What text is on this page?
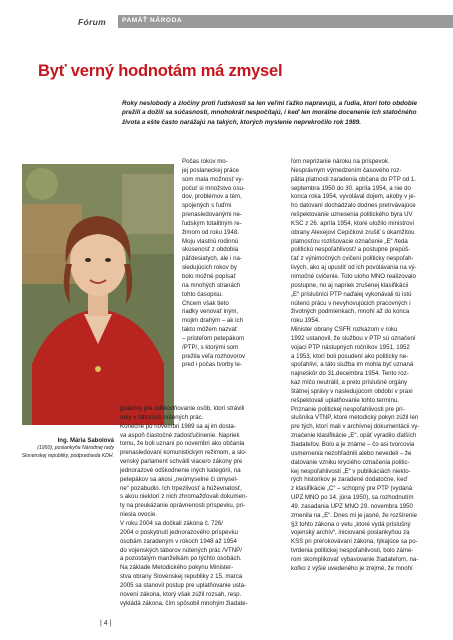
Fórum PAMÄŤ NÁRODA
Byť verný hodnotám má zmysel

Roky neslobody a zločiny proti ľudskosti sa len veľmi ťažko napravujú, a ľudia, ktorí toto obdobie prežili a dožili sa súčasnosti, mnohokrát nespočítajú, i keď len morálne docenenie ich statočného života a ešte často narážajú na takých, ktorých myslenie neprekročilo rok 1989.

Ing. Mária Sabolová
(1950), poslankyňa Národnej rady Slovenskej republiky, podpredseda KDH.
Počas rokov mo-
jej poslaneckej práce
som mala možnosť vy-
počuť si množstvo osu-
dov, problémov a tém,
spojených s ľuďmi
prenasledovanými ne-
ľudským totalitným re-
žimom od roku 1948.
Moju vlastnú rodinnú
skúsenosť z obdobia
päťdesiatych, ale i na-
sledujúcich rokov by
bolo možné popísať
na mnohých stranách
tohto časopisu.
Chcem však tieto
riadky venovať iným,
mojim drahým – ak ich
takto môžem nazvať
– pristeľom petepákom
/PTP/, s ktorými som
prežila veľa rozhovorov
pred i počas tvorby le-
gislatívy pre odškodňovanie osôb, ktorí strávili
roky v táboroch nútených prác.
Konečne po novembri 1989 sa aj im dosta-
va aspoň čiastočné zadosťučinenie. Napriek
tomu, že boli uznaní po novembri ako občania
prenasledovaní komunistickým režimom, a slo-
venský parlament schválil viacero zákony pre
jednorazové odškodnenie iných kategórií, na
petepákov sa akosi „neúmyselne či úmysel-
ne“ pozabudlo. Ich trpezlivosť a húževnatosť,
s akou niektorí z nich zhromažďovali dokumen-
ty na preukázanie oprávnenosti príspevku, pri-
niesla ovocie.
V roku 2004 sa dočkali zákona č. 726/
2004 o poskytnutí jednorazového príspevku
osobám zaradeným v rokoch 1948 až 1954
do vojenských táborov nútených prác /VTNP/
a pozostalým manželkám po týchto osobách.
Na základe Metodického pokynu Minister-
stva obrany Slovenskej republiky z 15. marca
2005 sa stanovil postup pre uplatňovanie usta-
novení zákona, ktorý však zúžil rozsah, resp.
vykládá zákona, čím spôsobil mnohým žiadate-
ľom neprizanie nároku na príspevok.
Nesprávnym výmedzením časového roz-
pätia platnosti zaradenia občana do PTP od 1.
septembra 1950 do 30. apríla 1954, a nie do
konca roka 1954, vyvolával dojem, akoby v je-
ho datovaní dochádzalo dodnes pretrvávajúce
rešpektovanie uznesenia politického byra ÚV
KSČ z 26. apríla 1954, ktoré uložilo ministrovi
obrany Alexejovi Čepičkovi zrušiť s okamžitou
platnosťou rozlišovacie označenie „E“ /teda
politickú nespoľahlivosť/ a postupne prepúš-
ťať z výnimočných cvičení politicky nespoľah-
livých, ako aj upustiť od ich povolávania na vý-
nimočné cvičenie. Toto uloho MNO realizovalo
postupne, no aj napriek zrušenej klasifikácii
„E“ príslušníci PTP naďalej vykonávali tú istú
nútenú prácu v nevyhovujúcich pracovných i
životných podmienkach, mnohí až do konca
roku 1954.
Minister obrany ČSFR rozkazom v roku
1992 ustanovil, že službou v PTP sú označení
vojaci PTP nástupných ročníkov 1951, 1952
a 1953, ktorí boli posudení ako politicky ne-
spoľahliví, a táto služba im mohla byť uznaná
najneskôr do 31.decembra 1954. Tento roz-
kaz mlčo neutrálil, a preto príslušné orgány
štátnej správy v nasledujúcom období v praxi
rešpektovali uplatňovanie tohto termínu.
Priznanie politickej nespoľahlivosti pre prí-
slušníka VTNP, ktoré metodický pokyn zúžil len
pre tých, ktorí mali v archívnej dokumentácii vy-
značenie klasifikácie „E“, opäť vyradilo ďalších
žiadateľov. Bolo a je známe – čo asi tvorcovia
usmernenia nezohľadnili alebo nevedeli – že
datovanie vzniku kryciého označenia politic-
kej nespoľahlivosti „E“ v publikáciách niekto-
rých historikov je zaradené dodatočne, keď
z klasifikácie „C“ – schopný pre PTP (vydaná
UPZ MNO po 14. júna 1950), sa rozhodnutím
49. zasadania UPZ MNO 29. novembra 1950
zmenila na „E“. Dnes mi je jasné, že rozšírenie
§3 tohto zákona o vetu „ktoré vydá príslušný
vojenský archív“, iniciované poslankyňou za
KSS pri prerokovávaní zákona, týkajúce sa po-
tvrdenia politickej nespoľahlivosti, bolo záme-
rom skomplikovať vybavovanie žiadateľom, na-
koľko z výšie uvedeného je zrejmé, že mnohí
| 4 |
